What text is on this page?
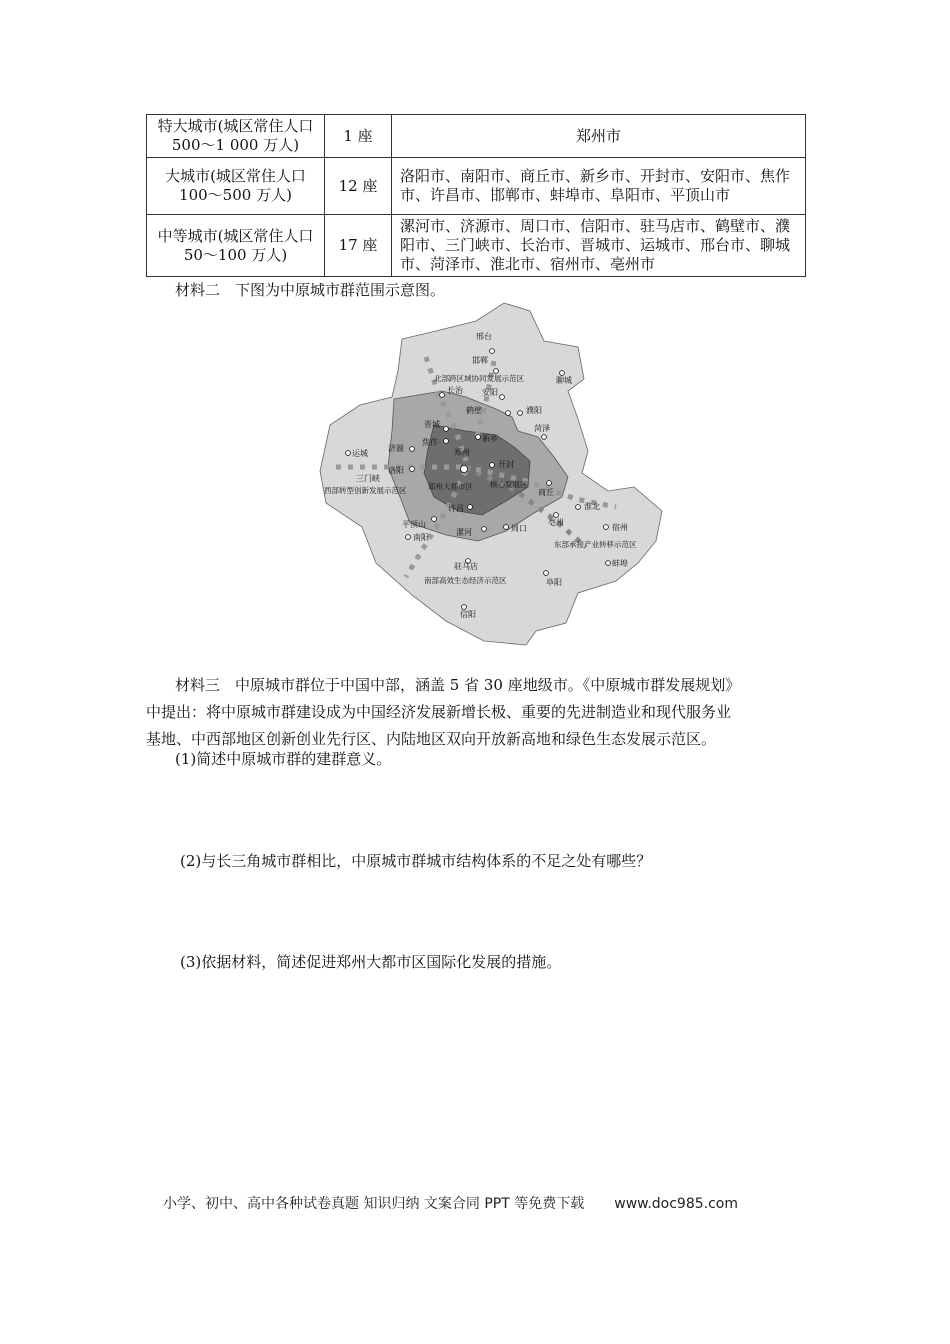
特大城市(城区常住人口 500～1 000 万人)	1 座	郑州市
大城市(城区常住人口 100～500 万人)	12 座	洛阳市、南阳市、商丘市、新乡市、开封市、安阳市、焦作市、许昌市、邯郸市、蚌埠市、阜阳市、平顶山市
中等城市(城区常住人口 50～100 万人)	17 座	漯河市、济源市、周口市、信阳市、驻马店市、鹤壁市、濮阳市、三门峡市、长治市、晋城市、运城市、邢台市、聊城市、菏泽市、淮北市、宿州市、亳州市
材料二　下图为中原城市群范围示意图。
邢台
邯郸
聊城
长治 安阳
鹤壁	濮阳
晋城	菏泽
焦作	新乡
济源
运城	郑州
开封
洛阳
三门峡
商丘
许昌	淮北
亳州
宿州
平顶山
漯河	周口
南阳
驻马店	蚌埠
阜阳
信阳
北部跨区域协同发展示范区
西部转型创新发展示范区	郑州大都市区 核心发展区
东部承接产业转移示范区
南部高效生态经济示范区
材料三　中原城市群位于中国中部，涵盖 5 省 30 座地级市。《中原城市群发展规划》
中提出：将中原城市群建设成为中国经济发展新增长极、重要的先进制造业和现代服务业
基地、中西部地区创新创业先行区、内陆地区双向开放新高地和绿色生态发展示范区。
(1)简述中原城市群的建群意义。
(2)与长三角城市群相比，中原城市群城市结构体系的不足之处有哪些？
(3)依据材料，简述促进郑州大都市区国际化发展的措施。
小学、初中、高中各种试卷真题 知识归纳 文案合同 PPT 等免费下载 www.doc985.com
